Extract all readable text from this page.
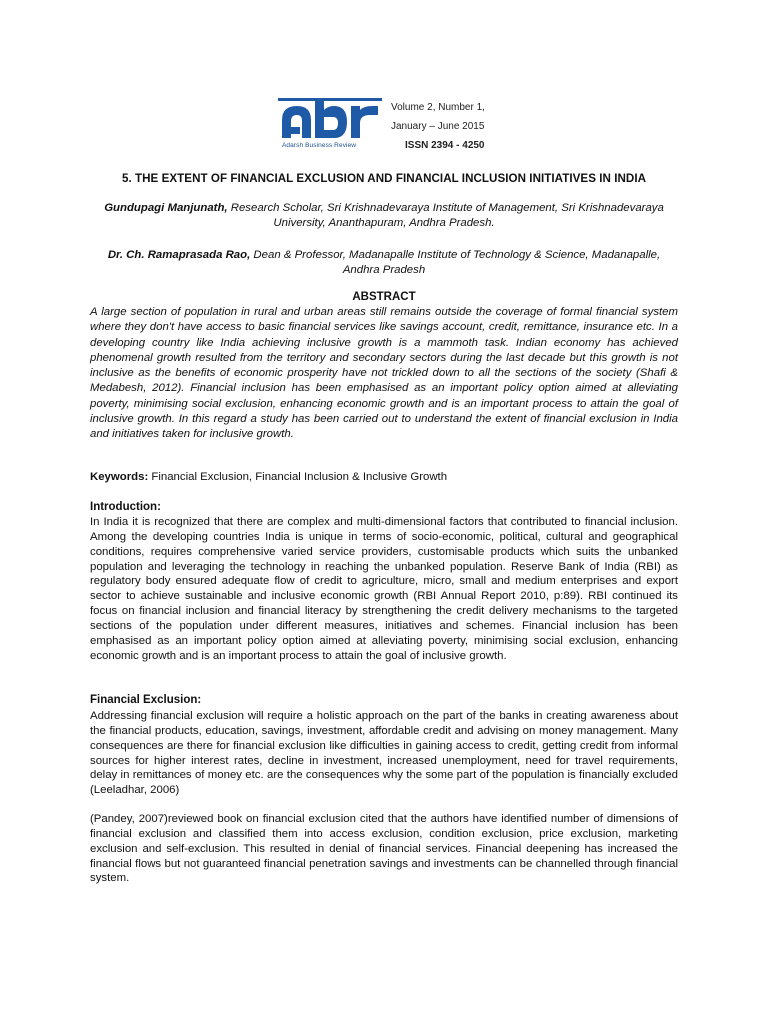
Adarsh Business Review
Volume 2, Number 1,
January – June 2015
ISSN 2394 - 4250
5. THE EXTENT OF FINANCIAL EXCLUSION AND FINANCIAL INCLUSION INITIATIVES IN INDIA
Gundupagi Manjunath, Research Scholar, Sri Krishnadevaraya Institute of Management, Sri Krishnadevaraya University, Ananthapuram, Andhra Pradesh.
Dr. Ch. Ramaprasada Rao, Dean & Professor, Madanapalle Institute of Technology & Science, Madanapalle, Andhra Pradesh
ABSTRACT

A large section of population in rural and urban areas still remains outside the coverage of formal financial system where they don't have access to basic financial services like savings account, credit, remittance, insurance etc. In a developing country like India achieving inclusive growth is a mammoth task. Indian economy has achieved phenomenal growth resulted from the territory and secondary sectors during the last decade but this growth is not inclusive as the benefits of economic prosperity have not trickled down to all the sections of the society (Shafi & Medabesh, 2012). Financial inclusion has been emphasised as an important policy option aimed at alleviating poverty, minimising social exclusion, enhancing economic growth and is an important process to attain the goal of inclusive growth. In this regard a study has been carried out to understand the extent of financial exclusion in India and initiatives taken for inclusive growth.

Keywords: Financial Exclusion, Financial Inclusion & Inclusive Growth
Introduction:

In India it is recognized that there are complex and multi-dimensional factors that contributed to financial inclusion. Among the developing countries India is unique in terms of socio-economic, political, cultural and geographical conditions, requires comprehensive varied service providers, customisable products which suits the unbanked population and leveraging the technology in reaching the unbanked population. Reserve Bank of India (RBI) as regulatory body ensured adequate flow of credit to agriculture, micro, small and medium enterprises and export sector to achieve sustainable and inclusive economic growth (RBI Annual Report 2010, p:89). RBI continued its focus on financial inclusion and financial literacy by strengthening the credit delivery mechanisms to the targeted sections of the population under different measures, initiatives and schemes. Financial inclusion has been emphasised as an important policy option aimed at alleviating poverty, minimising social exclusion, enhancing economic growth and is an important process to attain the goal of inclusive growth.

Financial Exclusion:

Addressing financial exclusion will require a holistic approach on the part of the banks in creating awareness about the financial products, education, savings, investment, affordable credit and advising on money management. Many consequences are there for financial exclusion like difficulties in gaining access to credit, getting credit from informal sources for higher interest rates, decline in investment, increased unemployment, need for travel requirements, delay in remittances of money etc. are the consequences why the some part of the population is financially excluded (Leeladhar, 2006)

(Pandey, 2007)reviewed book on financial exclusion cited that the authors have identified number of dimensions of financial exclusion and classified them into access exclusion, condition exclusion, price exclusion, marketing exclusion and self-exclusion. This resulted in denial of financial services. Financial deepening has increased the financial flows but not guaranteed financial penetration savings and investments can be channelled through financial system.
